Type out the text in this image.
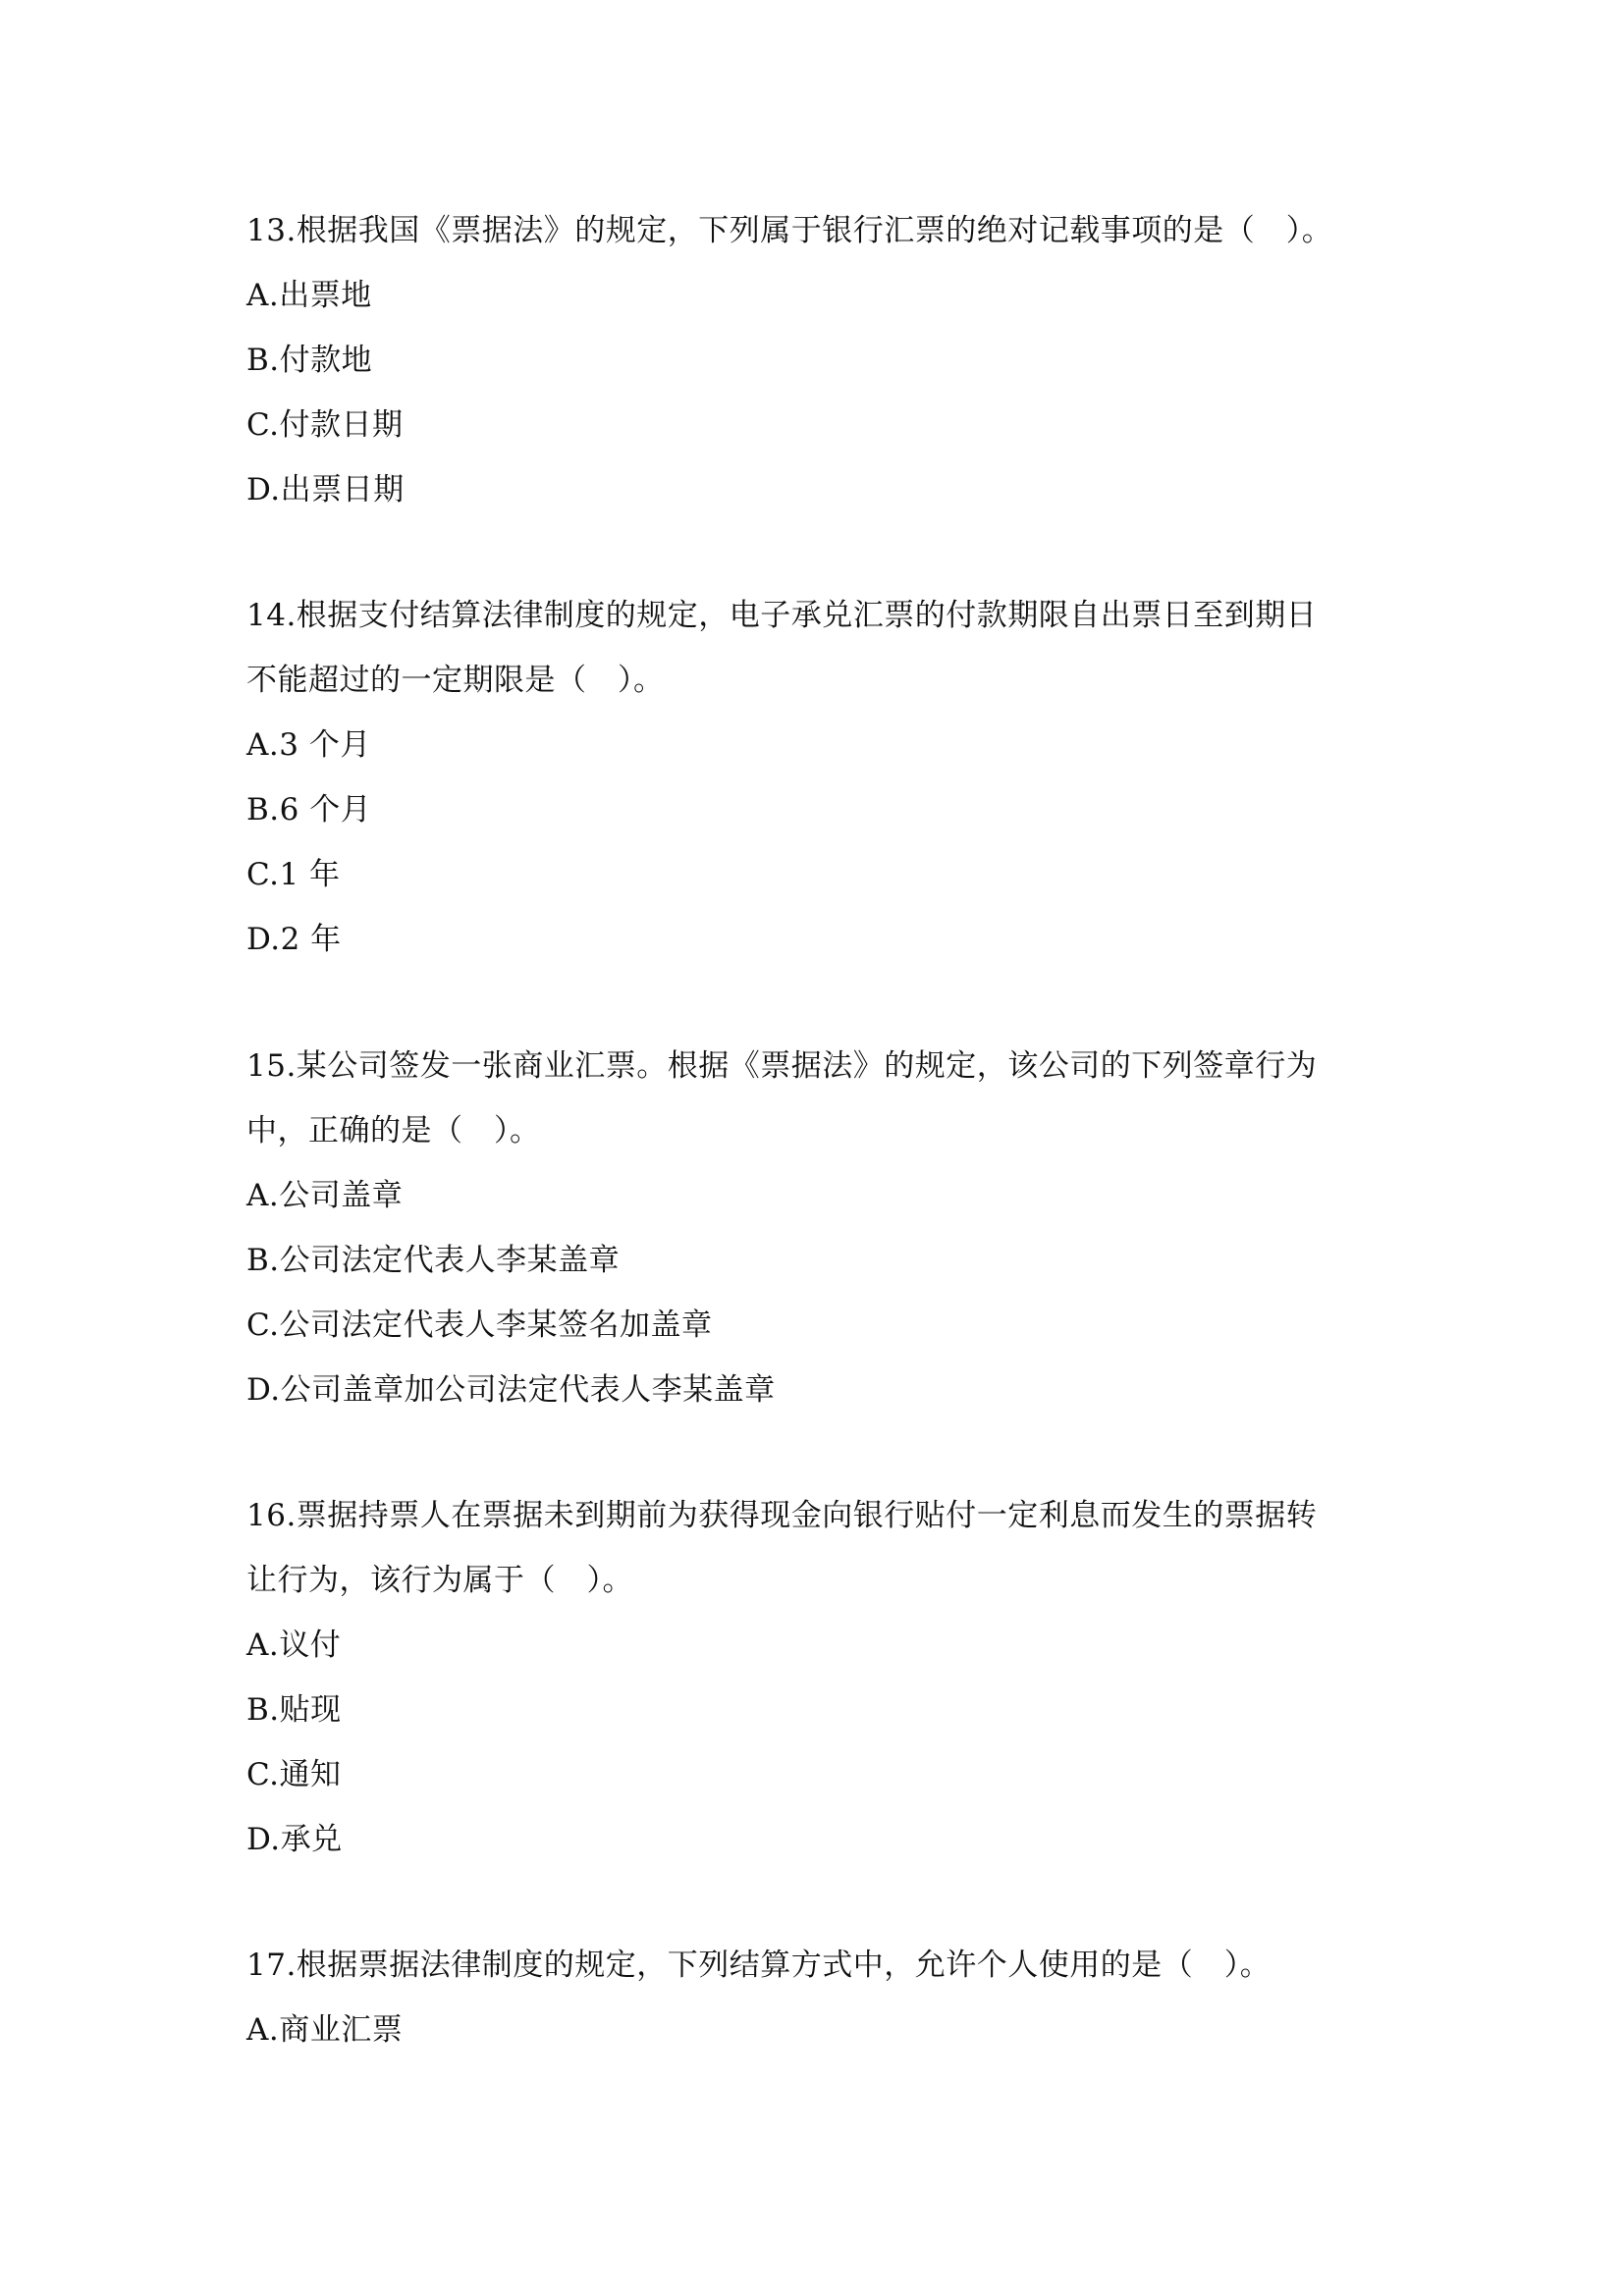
13.根据我国《票据法》的规定，下列属于银行汇票的绝对记载事项的是（　）。

A.出票地

B.付款地

C.付款日期

D.出票日期

14.根据支付结算法律制度的规定，电子承兑汇票的付款期限自出票日至到期日

不能超过的一定期限是（　）。

A.3 个月

B.6 个月

C.1 年

D.2 年

15.某公司签发一张商业汇票。根据《票据法》的规定，该公司的下列签章行为

中，正确的是（　）。

A.公司盖章

B.公司法定代表人李某盖章

C.公司法定代表人李某签名加盖章

D.公司盖章加公司法定代表人李某盖章

16.票据持票人在票据未到期前为获得现金向银行贴付一定利息而发生的票据转

让行为，该行为属于（　）。

A.议付

B.贴现

C.通知

D.承兑

17.根据票据法律制度的规定，下列结算方式中，允许个人使用的是（　）。

A.商业汇票
